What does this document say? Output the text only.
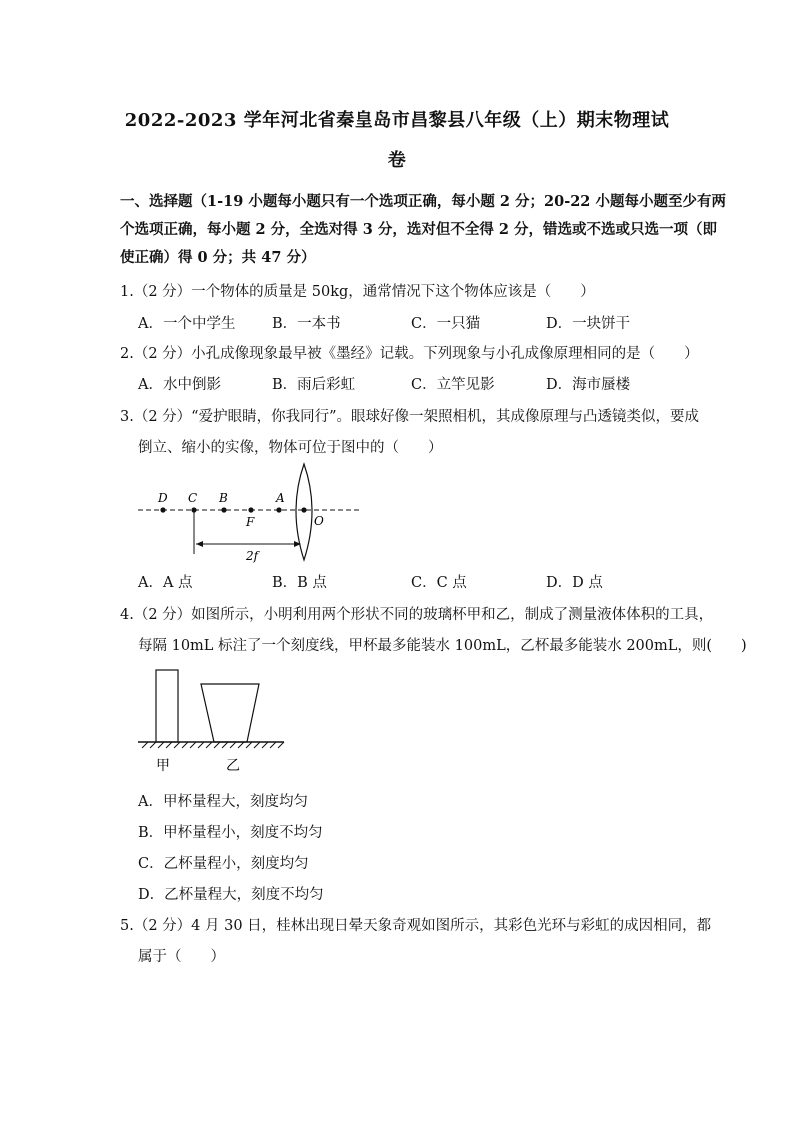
2022-2023 学年河北省秦皇岛市昌黎县八年级（上）期末物理试
卷
一、选择题（1-19 小题每小题只有一个选项正确，每小题 2 分；20-22 小题每小题至少有两
个选项正确，每小题 2 分，全选对得 3 分，选对但不全得 2 分，错选或不选或只选一项（即
使正确）得 0 分；共 47 分）
1.（2 分）一个物体的质量是 50kg，通常情况下这个物体应该是（　　）
A．一个中学生	B．一本书	C．一只猫	D．一块饼干
2.（2 分）小孔成像现象最早被《墨经》记载。下列现象与小孔成像原理相同的是（　　）
A．水中倒影	B．雨后彩虹	C．立竿见影	D．海市蜃楼
3.（2 分）“爱护眼睛，你我同行”。眼球好像一架照相机，其成像原理与凸透镜类似，要成
倒立、缩小的实像，物体可位于图中的（　　）
D C B	A
F	O
2f
A．A 点	B．B 点	C．C 点	D．D 点
4.（2 分）如图所示，小明利用两个形状不同的玻璃杯甲和乙，制成了测量液体体积的工具，
每隔 10mL 标注了一个刻度线，甲杯最多能装水 100mL，乙杯最多能装水 200mL，则(　　)
甲	乙
A．甲杯量程大，刻度均匀
B．甲杯量程小，刻度不均匀
C．乙杯量程小，刻度均匀
D．乙杯量程大，刻度不均匀
5.（2 分）4 月 30 日，桂林出现日晕天象奇观如图所示，其彩色光环与彩虹的成因相同，都
属于（　　）
